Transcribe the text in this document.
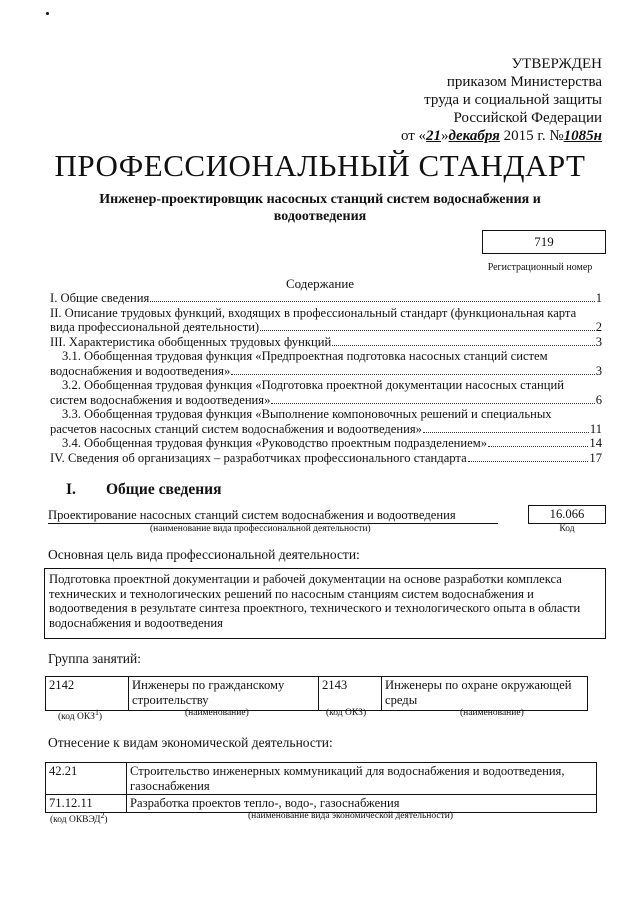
УТВЕРЖДЕН
приказом Министерства
труда и социальной защиты
Российской Федерации
от «21»декабря 2015 г. №1085н
ПРОФЕССИОНАЛЬНЫЙ СТАНДАРТ
Инженер-проектировщик насосных станций систем водоснабжения и водоотведения
719
Регистрационный номер
Содержание
I. Общие сведения	1
II. Описание трудовых функций, входящих в профессиональный стандарт (функциональная карта
вида профессиональной деятельности)	2
III. Характеристика обобщенных трудовых функций	3
3.1. Обобщенная трудовая функция «Предпроектная подготовка насосных станций систем
водоснабжения и водоотведения»	3
3.2. Обобщенная трудовая функция «Подготовка проектной документации насосных станций
систем водоснабжения и водоотведения»	6
3.3. Обобщенная трудовая функция «Выполнение компоновочных решений и специальных
расчетов насосных станций систем водоснабжения и водоотведения»	11
3.4. Обобщенная трудовая функция «Руководство проектным подразделением»	14
IV. Сведения об организациях – разработчиках профессионального стандарта	17
I. Общие сведения
Проектирование насосных станций систем водоснабжения и водоотведения
(наименование вида профессиональной деятельности)
16.066
Код
Основная цель вида профессиональной деятельности:
Подготовка проектной документации и рабочей документации на основе разработки комплекса технических и технологических решений по насосным станциям систем водоснабжения и водоотведения в результате синтеза проектного, технического и технологического опыта в области водоснабжения и водоотведения
Группа занятий:
2142	Инженеры по гражданскому строительству	2143	Инженеры по охране окружающей среды
(код ОКЗ$^1$)	(наименование)	(код ОКЗ)	(наименование)
Отнесение к видам экономической деятельности:
42.21	Строительство инженерных коммуникаций для водоснабжения и водоотведения, газоснабжения
71.12.11	Разработка проектов тепло-, водо-, газоснабжения
(код ОКВЭД$^2$)	(наименование вида экономической деятельности)
